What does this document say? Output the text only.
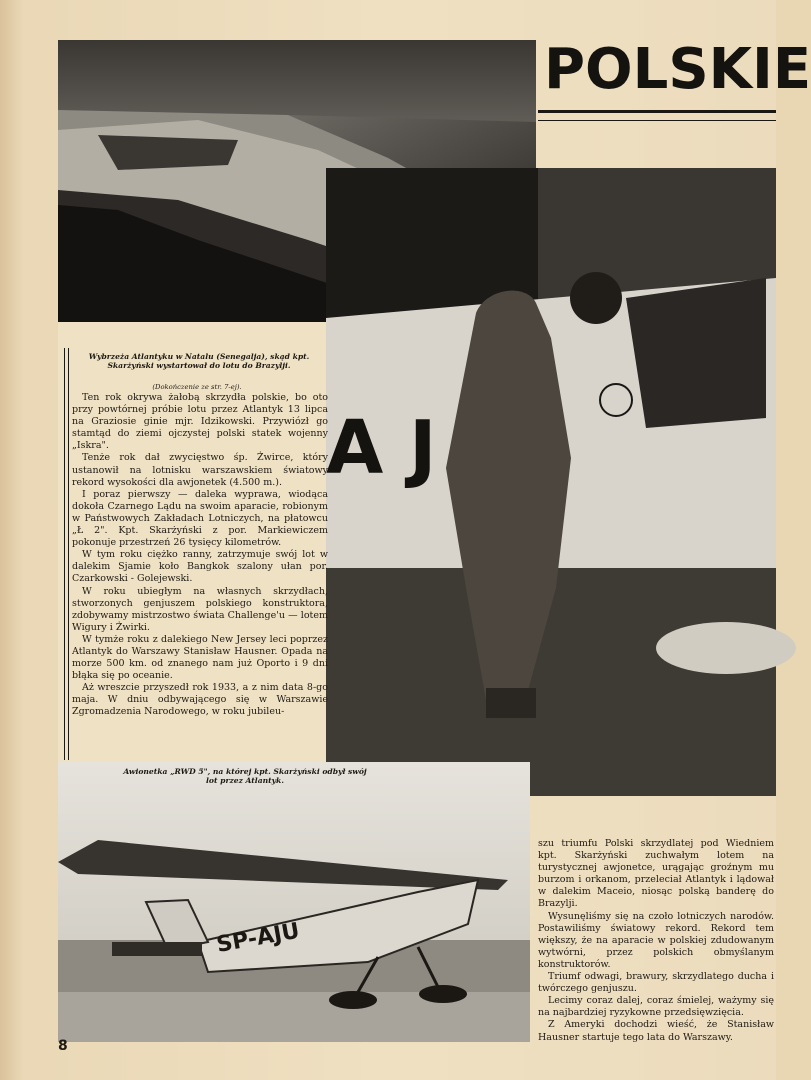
POLSKIE
A J
Wybrzeża Atlantyku w Natalu (Senegalja), skąd kpt. Skarżyński wystartował do lotu do Brazylji.
(Dokończenie ze str. 7-ej).

Ten rok okrywa żałobą skrzydła polskie, bo oto przy powtórnej próbie lotu przez Atlantyk 13 lipca na Graziosie ginie mjr. Idzikowski. Przywiózł go stamtąd do ziemi ojczystej polski statek wojenny „Iskra".

Tenże rok dał zwycięstwo śp. Żwirce, który ustanowił na lotnisku warszawskiem światowy rekord wysokości dla awjonetek (4.500 m.).

I poraz pierwszy — daleka wyprawa, wiodąca dokoła Czarnego Lądu na swoim aparacie, robionym w Państwowych Zakładach Lotniczych, na płatowcu „Ł 2". Kpt. Skarżyński z por. Markiewiczem pokonuje przestrzeń 26 tysięcy kilometrów.

W tym roku ciężko ranny, zatrzymuje swój lot w dalekim Sjamie koło Bangkok szalony ułan por. Czarkowski - Golejewski.

W roku ubiegłym na własnych skrzydłach, stworzonych genjuszem polskiego konstruktora, zdobywamy mistrzostwo świata Challenge'u — lotem Wigury i Żwirki.

W tymże roku z dalekiego New Jersey leci poprzez Atlantyk do Warszawy Stanisław Hausner. Opada na morze 500 km. od znanego nam już Oporto i 9 dni błąka się po oceanie.

Aż wreszcie przyszedł rok 1933, a z nim data 8-go maja. W dniu odbywającego się w Warszawie Zgromadzenia Narodowego, w roku jubileu-

SP-AJU
Awionetka „RWD 5", na której kpt. Skarżyński odbył swój lot przez Atlantyk.

szu triumfu Polski skrzydlatej pod Wiedniem kpt. Skarżyński zuchwałym lotem na turystycznej awjonetce, urągając groźnym mu burzom i orkanom, przeleciał Atlantyk i lądował w dalekim Maceio, niosąc polską banderę do Brazylji.

Wysunęliśmy się na czoło lotniczych narodów. Postawiliśmy światowy rekord. Rekord tem większy, że na aparacie w polskiej zdudowanym wytwórni, przez polskich obmyślanym konstruktorów.

Triumf odwagi, brawury, skrzydlatego ducha i twórczego genjuszu.

Lecimy coraz dalej, coraz śmielej, ważymy się na najbardziej ryzykowne przedsięwzięcia.

Z Ameryki dochodzi wieść, że Stanisław Hausner startuje tego lata do Warszawy.

8
